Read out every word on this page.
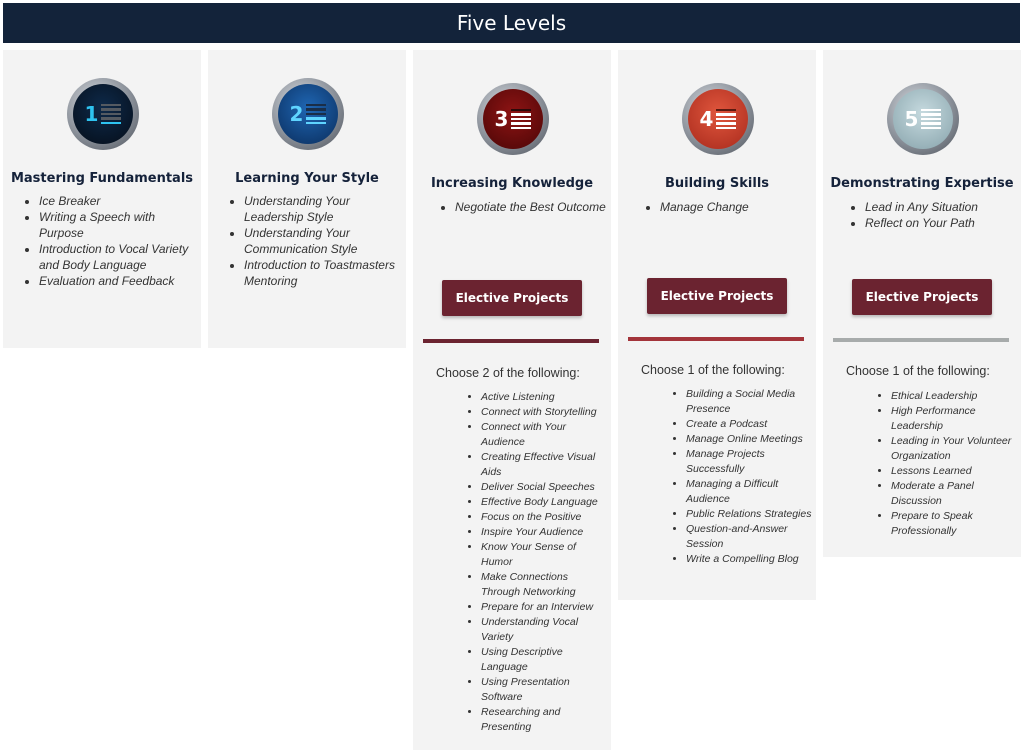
Five Levels
1
Mastering Fundamentals
• Ice Breaker
• Writing a Speech with Purpose
• Introduction to Vocal Variety and Body Language
• Evaluation and Feedback
2
Learning Your Style
• Understanding Your Leadership Style
• Understanding Your Communication Style
• Introduction to Toastmasters Mentoring
3
Increasing Knowledge
• Negotiate the Best Outcome
Elective Projects
Choose 2 of the following:
• Active Listening
• Connect with Storytelling
• Connect with Your Audience
• Creating Effective Visual Aids
• Deliver Social Speeches
• Effective Body Language
• Focus on the Positive
• Inspire Your Audience
• Know Your Sense of Humor
• Make Connections Through Networking
• Prepare for an Interview
• Understanding Vocal Variety
• Using Descriptive Language
• Using Presentation Software
• Researching and Presenting
4
Building Skills
• Manage Change
Elective Projects
Choose 1 of the following:
• Building a Social Media Presence
• Create a Podcast
• Manage Online Meetings
• Manage Projects Successfully
• Managing a Difficult Audience
• Public Relations Strategies
• Question-and-Answer Session
• Write a Compelling Blog
5
Demonstrating Expertise
• Lead in Any Situation
• Reflect on Your Path
Elective Projects
Choose 1 of the following:
• Ethical Leadership
• High Performance Leadership
• Leading in Your Volunteer Organization
• Lessons Learned
• Moderate a Panel Discussion
• Prepare to Speak Professionally
